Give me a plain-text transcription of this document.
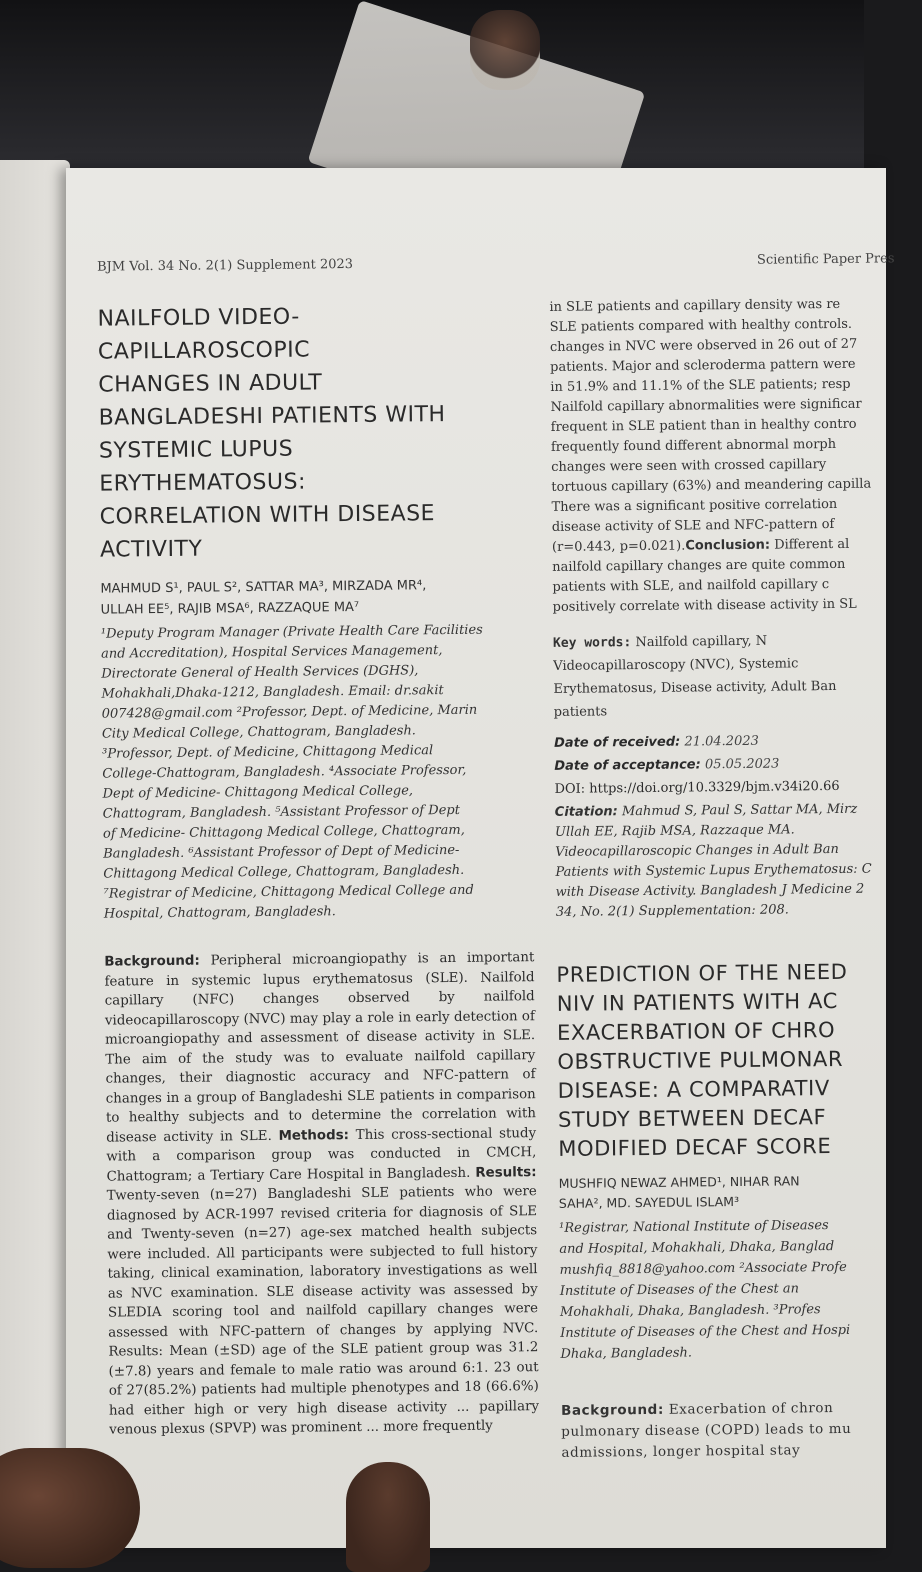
BJM Vol. 34 No. 2(1) Supplement 2023	Scientific Paper Pres
NAILFOLD VIDEO-
CAPILLAROSCOPIC
CHANGES IN ADULT
BANGLADESHI PATIENTS WITH
SYSTEMIC LUPUS
ERYTHEMATOSUS:
CORRELATION WITH DISEASE
ACTIVITY
MAHMUD S¹, PAUL S², SATTAR MA³, MIRZADA MR⁴,
ULLAH EE⁵, RAJIB MSA⁶, RAZZAQUE MA⁷
¹Deputy Program Manager (Private Health Care Facilities
and Accreditation), Hospital Services Management,
Directorate General of Health Services (DGHS),
Mohakhali,Dhaka-1212, Bangladesh. Email: dr.sakit
007428@gmail.com ²Professor, Dept. of Medicine, Marin
City Medical College, Chattogram, Bangladesh.
³Professor, Dept. of Medicine, Chittagong Medical
College-Chattogram, Bangladesh. ⁴Associate Professor,
Dept of Medicine- Chittagong Medical College,
Chattogram, Bangladesh. ⁵Assistant Professor of Dept
of Medicine- Chittagong Medical College, Chattogram,
Bangladesh. ⁶Assistant Professor of Dept of Medicine-
Chittagong Medical College, Chattogram, Bangladesh.
⁷Registrar of Medicine, Chittagong Medical College and
Hospital, Chattogram, Bangladesh.
Background: Peripheral microangiopathy is an important feature in systemic lupus erythematosus (SLE). Nailfold capillary (NFC) changes observed by nailfold videocapillaroscopy (NVC) may play a role in early detection of microangiopathy and assessment of disease activity in SLE. The aim of the study was to evaluate nailfold capillary changes, their diagnostic accuracy and NFC-pattern of changes in a group of Bangladeshi SLE patients in comparison to healthy subjects and to determine the correlation with disease activity in SLE. Methods: This cross-sectional study with a comparison group was conducted in CMCH, Chattogram; a Tertiary Care Hospital in Bangladesh. Results: Twenty-seven (n=27) Bangladeshi SLE patients who were diagnosed by ACR-1997 revised criteria for diagnosis of SLE and Twenty-seven (n=27) age-sex matched health subjects were included. All participants were subjected to full history taking, clinical examination, laboratory investigations as well as NVC examination. SLE disease activity was assessed by SLEDIA scoring tool and nailfold capillary changes were assessed with NFC-pattern of changes by applying NVC. Results: Mean (±SD) age of the SLE patient group was 31.2 (±7.8) years and female to male ratio was around 6:1. 23 out of 27(85.2%) patients had multiple phenotypes and 18 (66.6%) had either high or very high disease activity ... papillary venous plexus (SPVP) was prominent ... more frequently
in SLE patients and capillary density was re
SLE patients compared with healthy controls.
changes in NVC were observed in 26 out of 27
patients. Major and scleroderma pattern were
in 51.9% and 11.1% of the SLE patients; resp
Nailfold capillary abnormalities were significar
frequent in SLE patient than in healthy contro
frequently found different abnormal morph
changes were seen with crossed capillary
tortuous capillary (63%) and meandering capilla
There was a significant positive correlation
disease activity of SLE and NFC-pattern of
(r=0.443, p=0.021).Conclusion: Different al
nailfold capillary changes are quite common
patients with SLE, and nailfold capillary c
positively correlate with disease activity in SL
Key words: Nailfold capillary, N
Videocapillaroscopy (NVC), Systemic
Erythematosus, Disease activity, Adult Ban
patients
Date of received: 21.04.2023
Date of acceptance: 05.05.2023
DOI: https://doi.org/10.3329/bjm.v34i20.66
Citation: Mahmud S, Paul S, Sattar MA, Mirz
Ullah EE, Rajib MSA, Razzaque MA.
Videocapillaroscopic Changes in Adult Ban
Patients with Systemic Lupus Erythematosus: C
with Disease Activity. Bangladesh J Medicine 2
34, No. 2(1) Supplementation: 208.
PREDICTION OF THE NEED
NIV IN PATIENTS WITH AC
EXACERBATION OF CHRO
OBSTRUCTIVE PULMONAR
DISEASE: A COMPARATIV
STUDY BETWEEN DECAF
MODIFIED DECAF SCORE
MUSHFIQ NEWAZ AHMED¹, NIHAR RAN
SAHA², MD. SAYEDUL ISLAM³
¹Registrar, National Institute of Diseases
and Hospital, Mohakhali, Dhaka, Banglad
mushfiq_8818@yahoo.com ²Associate Profe
Institute of Diseases of the Chest an
Mohakhali, Dhaka, Bangladesh. ³Profes
Institute of Diseases of the Chest and Hospi
Dhaka, Bangladesh.
Background: Exacerbation of chron
pulmonary disease (COPD) leads to mu
admissions, longer hospital stay
